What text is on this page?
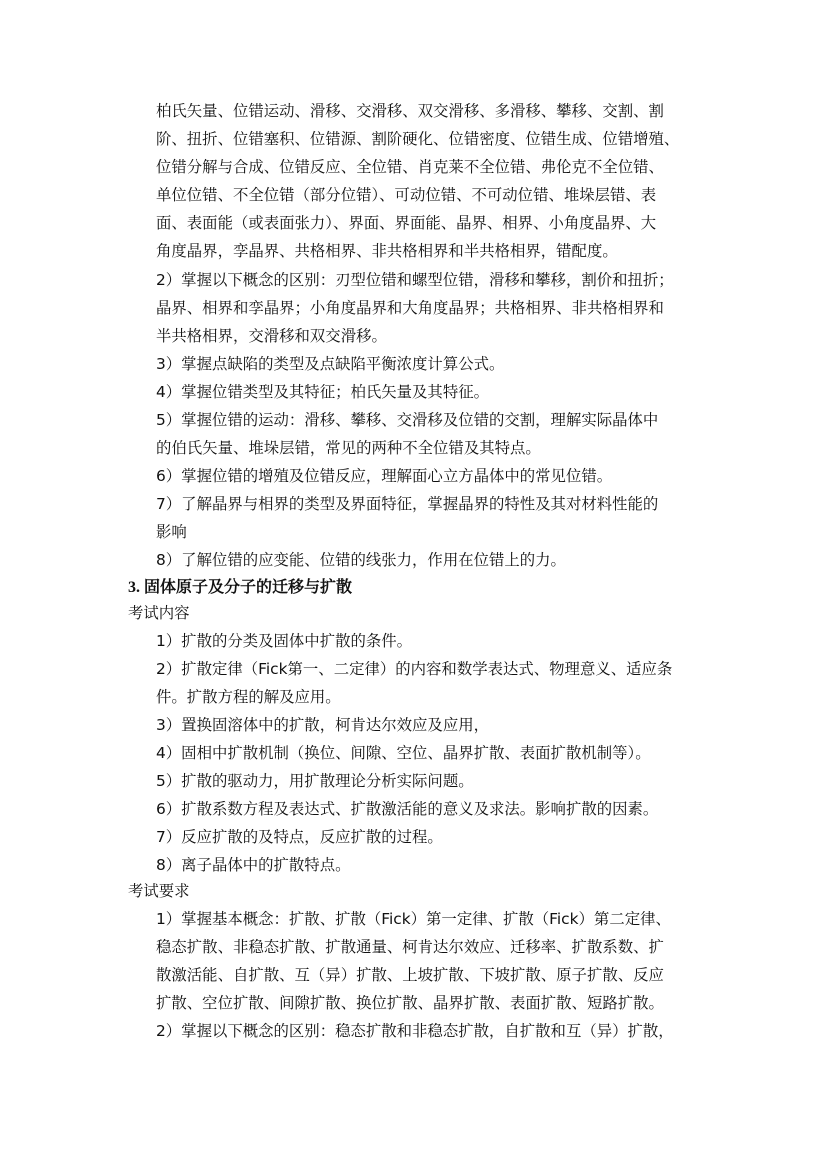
柏氏矢量、位错运动、滑移、交滑移、双交滑移、多滑移、攀移、交割、割
阶、扭折、位错塞积、位错源、割阶硬化、位错密度、位错生成、位错增殖、
位错分解与合成、位错反应、全位错、肖克莱不全位错、弗伦克不全位错、
单位位错、不全位错（部分位错）、可动位错、不可动位错、堆垛层错、表
面、表面能（或表面张力）、界面、界面能、晶界、相界、小角度晶界、大
角度晶界，孪晶界、共格相界、非共格相界和半共格相界，错配度。
2）掌握以下概念的区别：刃型位错和螺型位错，滑移和攀移，割价和扭折；
晶界、相界和孪晶界；小角度晶界和大角度晶界；共格相界、非共格相界和
半共格相界，交滑移和双交滑移。
3）掌握点缺陷的类型及点缺陷平衡浓度计算公式。
4）掌握位错类型及其特征；柏氏矢量及其特征。
5）掌握位错的运动：滑移、攀移、交滑移及位错的交割，理解实际晶体中
的伯氏矢量、堆垛层错，常见的两种不全位错及其特点。
6）掌握位错的增殖及位错反应，理解面心立方晶体中的常见位错。
7）了解晶界与相界的类型及界面特征，掌握晶界的特性及其对材料性能的
影响
8）了解位错的应变能、位错的线张力，作用在位错上的力。
3. 固体原子及分子的迁移与扩散
考试内容
1）扩散的分类及固体中扩散的条件。
2）扩散定律（Fick第一、二定律）的内容和数学表达式、物理意义、适应条
件。扩散方程的解及应用。
3）置换固溶体中的扩散，柯肯达尔效应及应用，
4）固相中扩散机制（换位、间隙、空位、晶界扩散、表面扩散机制等）。
5）扩散的驱动力，用扩散理论分析实际问题。
6）扩散系数方程及表达式、扩散激活能的意义及求法。影响扩散的因素。
7）反应扩散的及特点，反应扩散的过程。
8）离子晶体中的扩散特点。
考试要求
1）掌握基本概念：扩散、扩散（Fick）第一定律、扩散（Fick）第二定律、
稳态扩散、非稳态扩散、扩散通量、柯肯达尔效应、迁移率、扩散系数、扩
散激活能、自扩散、互（异）扩散、上坡扩散、下坡扩散、原子扩散、反应
扩散、空位扩散、间隙扩散、换位扩散、晶界扩散、表面扩散、短路扩散。
2）掌握以下概念的区别：稳态扩散和非稳态扩散，自扩散和互（异）扩散，
